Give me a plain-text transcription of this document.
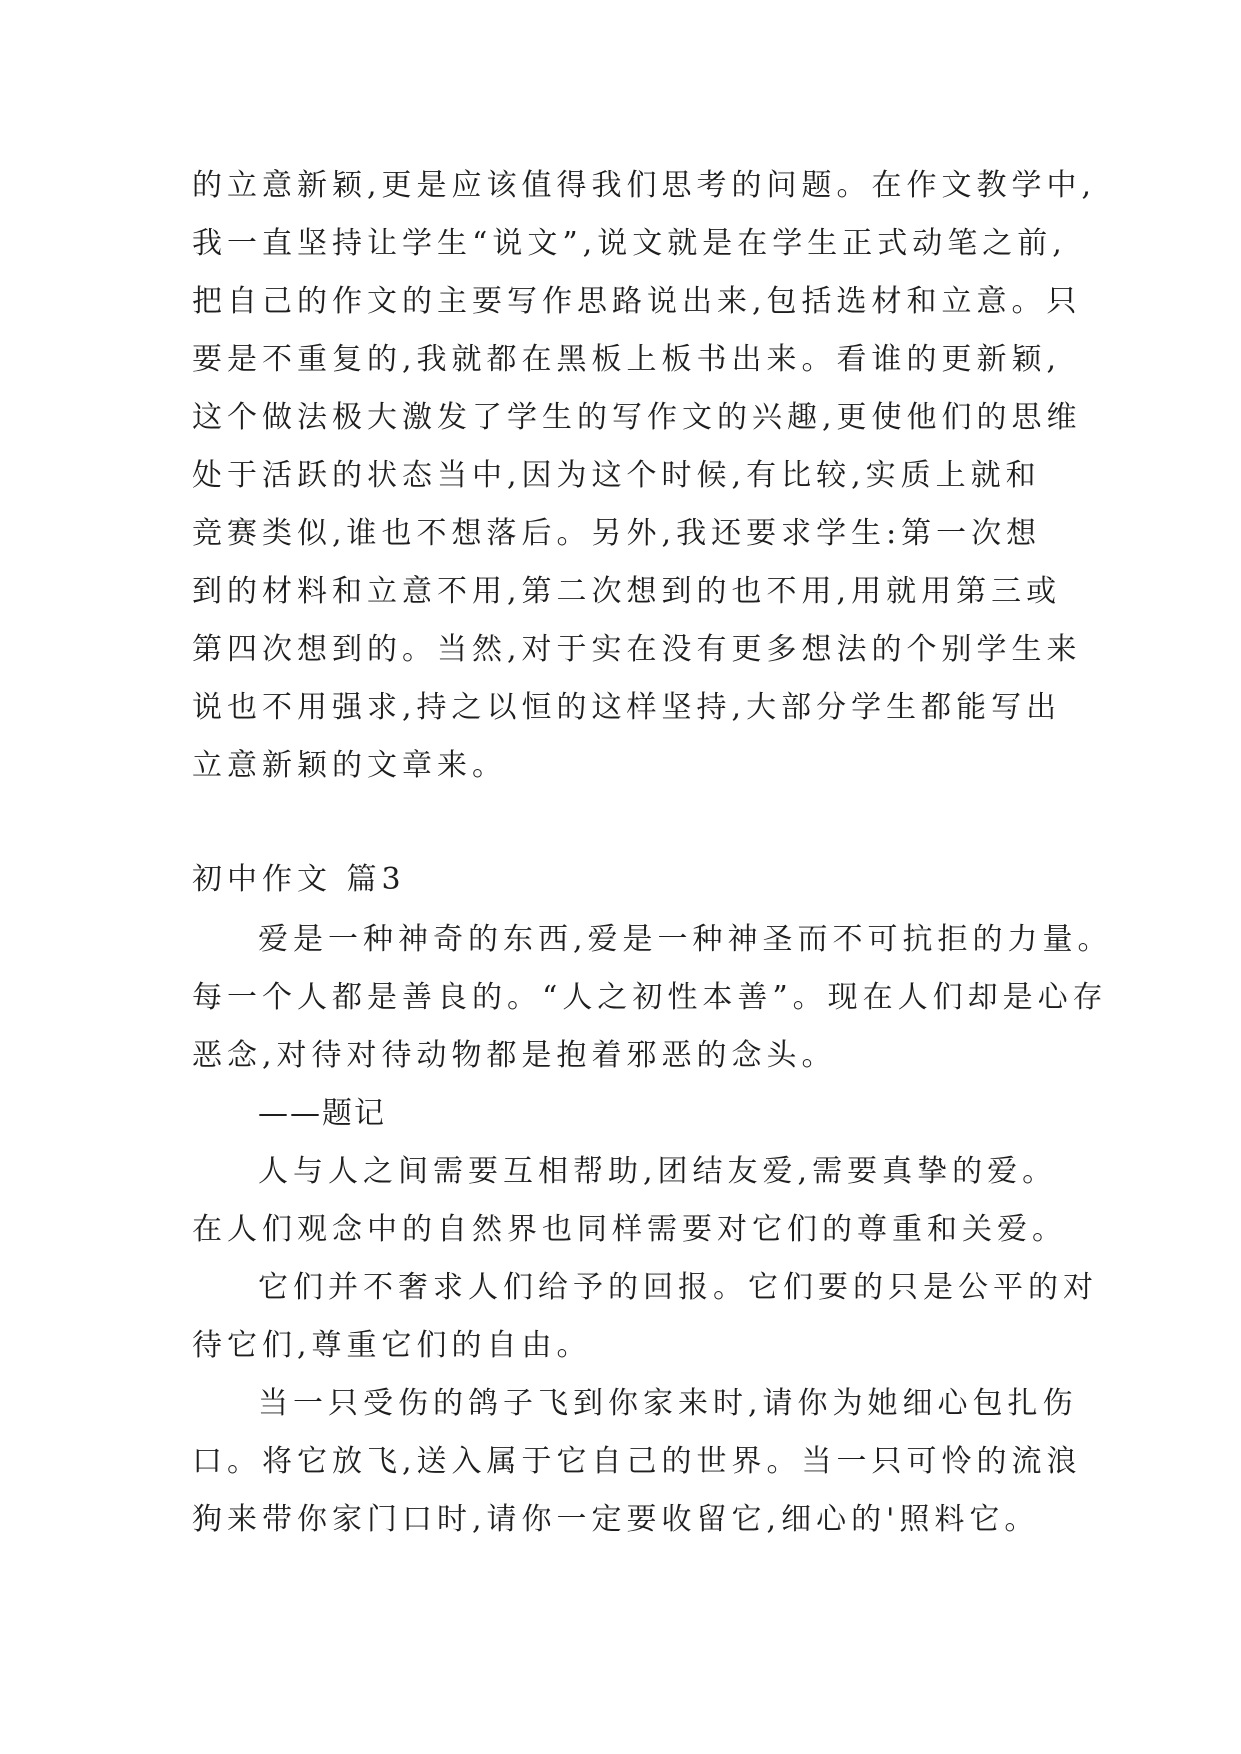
的立意新颖,更是应该值得我们思考的问题。在作文教学中,

我一直坚持让学生“说文”,说文就是在学生正式动笔之前,

把自己的作文的主要写作思路说出来,包括选材和立意。只

要是不重复的,我就都在黑板上板书出来。看谁的更新颖,

这个做法极大激发了学生的写作文的兴趣,更使他们的思维

处于活跃的状态当中,因为这个时候,有比较,实质上就和

竞赛类似,谁也不想落后。另外,我还要求学生:第一次想

到的材料和立意不用,第二次想到的也不用,用就用第三或

第四次想到的。当然,对于实在没有更多想法的个别学生来

说也不用强求,持之以恒的这样坚持,大部分学生都能写出

立意新颖的文章来。

初中作文 篇3

爱是一种神奇的东西,爱是一种神圣而不可抗拒的力量。

每一个人都是善良的。“人之初性本善”。现在人们却是心存

恶念,对待对待动物都是抱着邪恶的念头。

——题记

人与人之间需要互相帮助,团结友爱,需要真挚的爱。

在人们观念中的自然界也同样需要对它们的尊重和关爱。

它们并不奢求人们给予的回报。它们要的只是公平的对

待它们,尊重它们的自由。

当一只受伤的鸽子飞到你家来时,请你为她细心包扎伤

口。将它放飞,送入属于它自己的世界。当一只可怜的流浪

狗来带你家门口时,请你一定要收留它,细心的'照料它。
